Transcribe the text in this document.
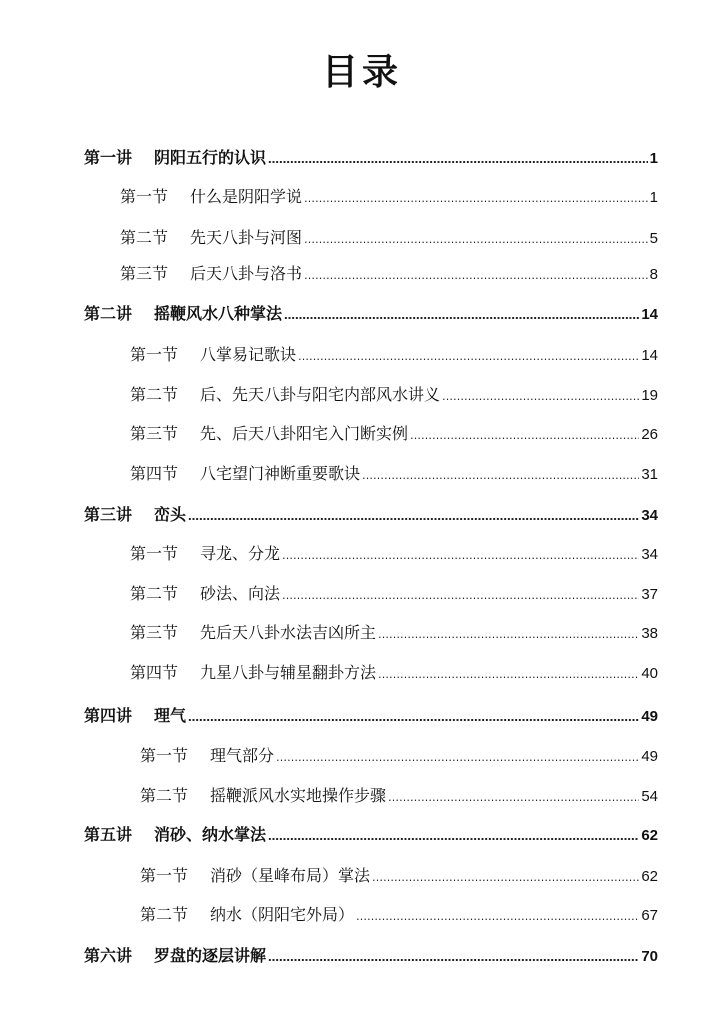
目录
第一讲 阴阳五行的认识 ……………………………………………………………………………………………………………………………………………………………………	1
第一节 什么是阴阳学说 ……………………………………………………………………………………………………………………………………………………………………	1
第二节 先天八卦与河图 ……………………………………………………………………………………………………………………………………………………………………	5
第三节 后天八卦与洛书 ……………………………………………………………………………………………………………………………………………………………………	8
第二讲 摇鞭风水八种掌法 ……………………………………………………………………………………………………………………………………………………………………	14
第一节 八掌易记歌诀 ……………………………………………………………………………………………………………………………………………………………………	14
第二节 后、先天八卦与阳宅内部风水讲义 ……………………………………………………………………………………………………………………………………………………………………	19
第三节 先、后天八卦阳宅入门断实例 ……………………………………………………………………………………………………………………………………………………………………	26
第四节 八宅望门神断重要歌诀 ……………………………………………………………………………………………………………………………………………………………………	31
第三讲 峦头 ……………………………………………………………………………………………………………………………………………………………………	34
第一节 寻龙、分龙 ……………………………………………………………………………………………………………………………………………………………………	34
第二节 砂法、向法 ……………………………………………………………………………………………………………………………………………………………………	37
第三节 先后天八卦水法吉凶所主 ……………………………………………………………………………………………………………………………………………………………………	38
第四节 九星八卦与辅星翻卦方法 ……………………………………………………………………………………………………………………………………………………………………	40
第四讲 理气 ……………………………………………………………………………………………………………………………………………………………………	49
第一节 理气部分 ……………………………………………………………………………………………………………………………………………………………………	49
第二节 摇鞭派风水实地操作步骤 ……………………………………………………………………………………………………………………………………………………………………	54
第五讲 消砂、纳水掌法 ……………………………………………………………………………………………………………………………………………………………………	62
第一节 消砂（星峰布局）掌法 ……………………………………………………………………………………………………………………………………………………………………	62
第二节 纳水（阴阳宅外局） ……………………………………………………………………………………………………………………………………………………………………	67
第六讲 罗盘的逐层讲解 ……………………………………………………………………………………………………………………………………………………………………	70
